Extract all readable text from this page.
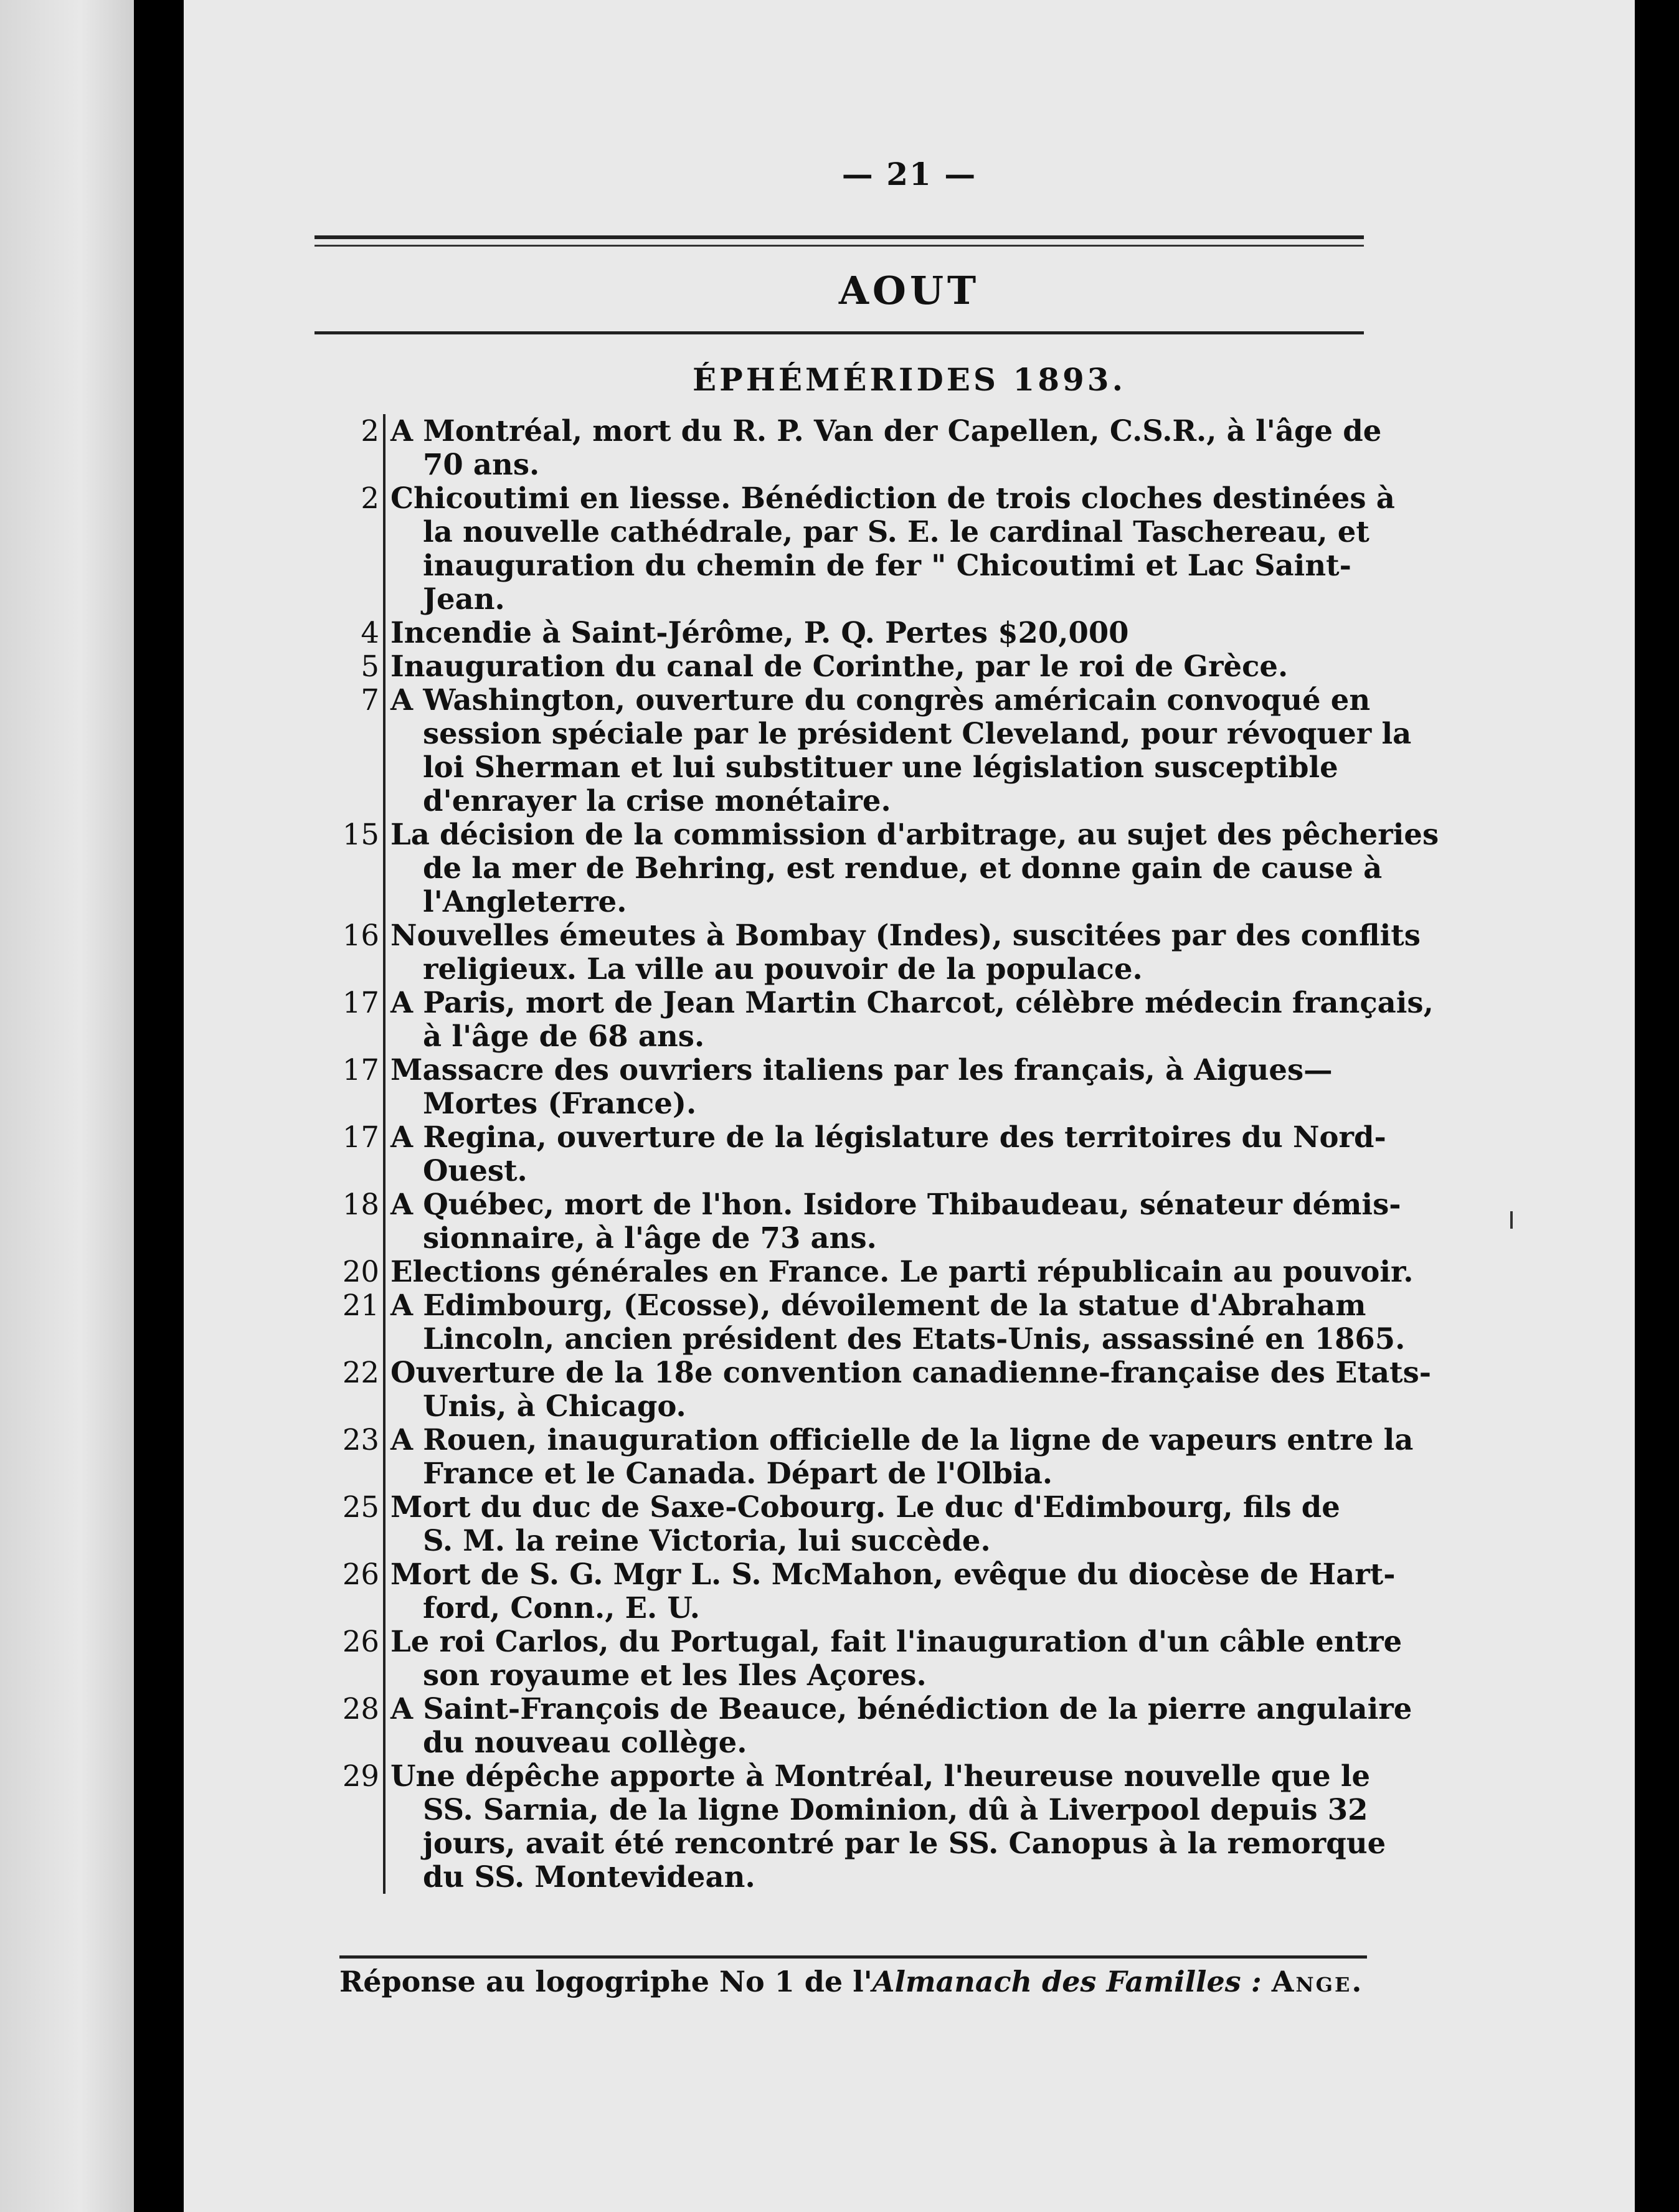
— 21 —
AOUT
ÉPHÉMÉRIDES 1893.
2 A Montréal, mort du R. P. Van der Capellen, C.S.R., à l'âge de
70 ans.
2 Chicoutimi en liesse. Bénédiction de trois cloches destinées à
la nouvelle cathédrale, par S. E. le cardinal Taschereau, et
inauguration du chemin de fer " Chicoutimi et Lac Saint-
Jean.
4 Incendie à Saint-Jérôme, P. Q. Pertes $20,000
5 Inauguration du canal de Corinthe, par le roi de Grèce.
7 A Washington, ouverture du congrès américain convoqué en
session spéciale par le président Cleveland, pour révoquer la
loi Sherman et lui substituer une législation susceptible
d'enrayer la crise monétaire.
15 La décision de la commission d'arbitrage, au sujet des pêcheries
de la mer de Behring, est rendue, et donne gain de cause à
l'Angleterre.
16 Nouvelles émeutes à Bombay (Indes), suscitées par des conflits
religieux. La ville au pouvoir de la populace.
17 A Paris, mort de Jean Martin Charcot, célèbre médecin français,
à l'âge de 68 ans.
17 Massacre des ouvriers italiens par les français, à Aigues—
Mortes (France).
17 A Regina, ouverture de la législature des territoires du Nord-
Ouest.
18 A Québec, mort de l'hon. Isidore Thibaudeau, sénateur démis-
sionnaire, à l'âge de 73 ans.
20 Elections générales en France. Le parti républicain au pouvoir.
21 A Edimbourg, (Ecosse), dévoilement de la statue d'Abraham
Lincoln, ancien président des Etats-Unis, assassiné en 1865.
22 Ouverture de la 18e convention canadienne-française des Etats-
Unis, à Chicago.
23 A Rouen, inauguration officielle de la ligne de vapeurs entre la
France et le Canada. Départ de l'Olbia.
25 Mort du duc de Saxe-Cobourg. Le duc d'Edimbourg, fils de
S. M. la reine Victoria, lui succède.
26 Mort de S. G. Mgr L. S. McMahon, evêque du diocèse de Hart-
ford, Conn., E. U.
26 Le roi Carlos, du Portugal, fait l'inauguration d'un câble entre
son royaume et les Iles Açores.
28 A Saint-François de Beauce, bénédiction de la pierre angulaire
du nouveau collège.
29 Une dépêche apporte à Montréal, l'heureuse nouvelle que le
SS. Sarnia, de la ligne Dominion, dû à Liverpool depuis 32
jours, avait été rencontré par le SS. Canopus à la remorque
du SS. Montevidean.
Réponse au logogriphe No 1 de l'Almanach des Familles : Ange.
